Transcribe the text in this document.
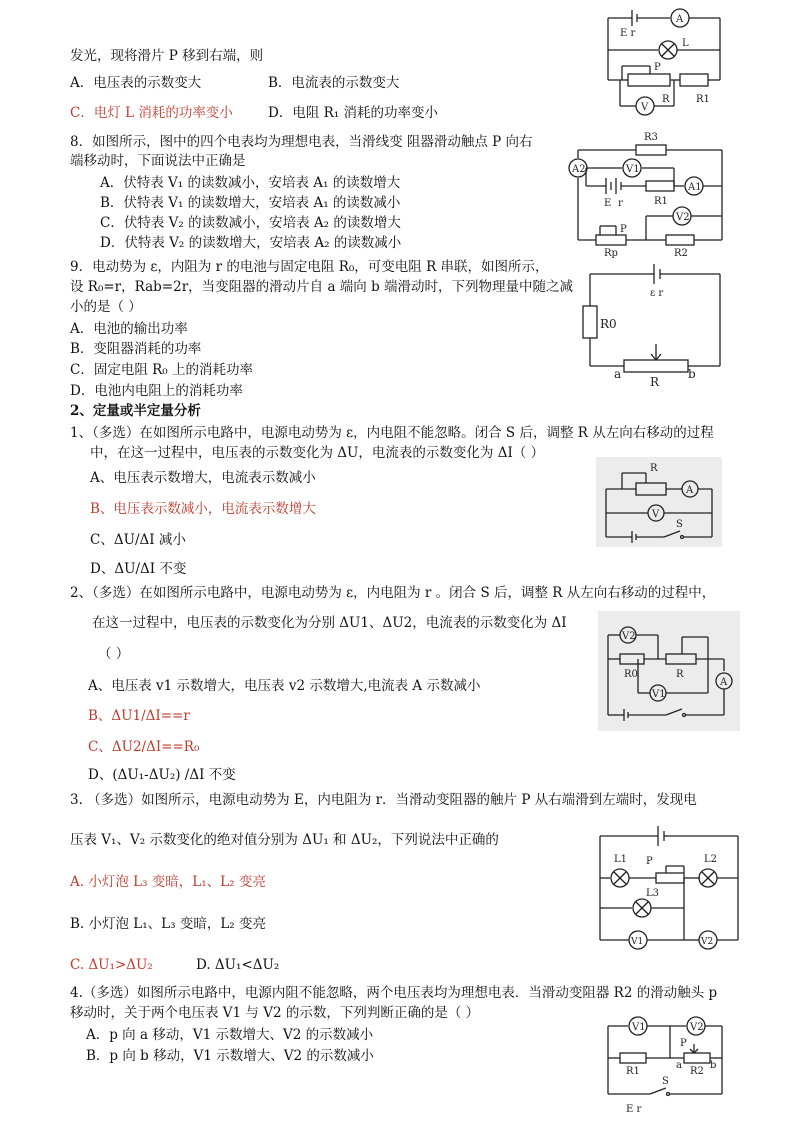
发光，现将滑片 P 移到右端，则
A．电压表的示数变大	B．电流表的示数变大
C．电灯 L 消耗的功率变小	D．电阻 R₁ 消耗的功率变小
A
E r
L
P
R
V
R1
8．如图所示，图中的四个电表均为理想电表，当滑线变 阻器滑动触点 P 向右
端移动时，下面说法中正确是
A．伏特表 V₁ 的读数减小，安培表 A₁ 的读数增大
B．伏特表 V₁ 的读数增大，安培表 A₁ 的读数减小
C．伏特表 V₂ 的读数减小，安培表 A₂ 的读数增大
D．伏特表 V₂ 的读数增大，安培表 A₂ 的读数减小
R3
A2	V1
A1
E r	R1
V2
P
Rp	R2
9．电动势为 ε，内阻为 r 的电池与固定电阻 R₀，可变电阻 R 串联，如图所示，
设 R₀=r，Rab=2r，当变阻器的滑动片自 a 端向 b 端滑动时，下列物理量中随之减
小的是（ ）
A．电池的输出功率
B．变阻器消耗的功率
C．固定电阻 R₀ 上的消耗功率
D．电池内电阻上的消耗功率
ε r
R0
a
R
b
2、定量或半定量分析
1、（多选）在如图所示电路中，电源电动势为 ε，内电阻不能忽略。闭合 S 后，调整 R 从左向右移动的过程
中，在这一过程中，电压表的示数变化为 ΔU，电流表的示数变化为 ΔI（ ）
A、电压表示数增大，电流表示数减小
B、电压表示数减小，电流表示数增大
C、ΔU/ΔI 减小
D、ΔU/ΔI 不变
R
A
V
S
2、（多选）在如图所示电路中，电源电动势为 ε，内电阻为 r 。闭合 S 后，调整 R 从左向右移动的过程中，
在这一过程中，电压表的示数变化为分别 ΔU1、ΔU2，电流表的示数变化为 ΔI
（ ）
A、电压表 v1 示数增大，电压表 v2 示数增大,电流表 A 示数减小
B、ΔU1/ΔI==r
C、ΔU2/ΔI==R₀
D、(ΔU₁-ΔU₂) /ΔI 不变
V2
R0	R
A
V1
3. （多选）如图所示，电源电动势为 E，内电阻为 r．当滑动变阻器的触片 P 从右端滑到左端时，发现电
压表 V₁、V₂ 示数变化的绝对值分别为 ΔU₁ 和 ΔU₂，下列说法中正确的
A. 小灯泡 L₃ 变暗，L₁、L₂ 变亮
B. 小灯泡 L₁、L₃ 变暗，L₂ 变亮
C. ΔU₁>ΔU₂	D. ΔU₁<ΔU₂
L1 P	L2
L3
V1	V2
4.（多选）如图所示电路中，电源内阻不能忽略，两个电压表均为理想电表．当滑动变阻器 R2 的滑动触头 p
移动时，关于两个电压表 V1 与 V2 的示数，下列判断正确的是（ ）
A．p 向 a 移动，V1 示数增大、V2 的示数减小
B．p 向 b 移动，V1 示数增大、V2 的示数减小
V1	V2
P
a
R2
b
R1
S
E r
